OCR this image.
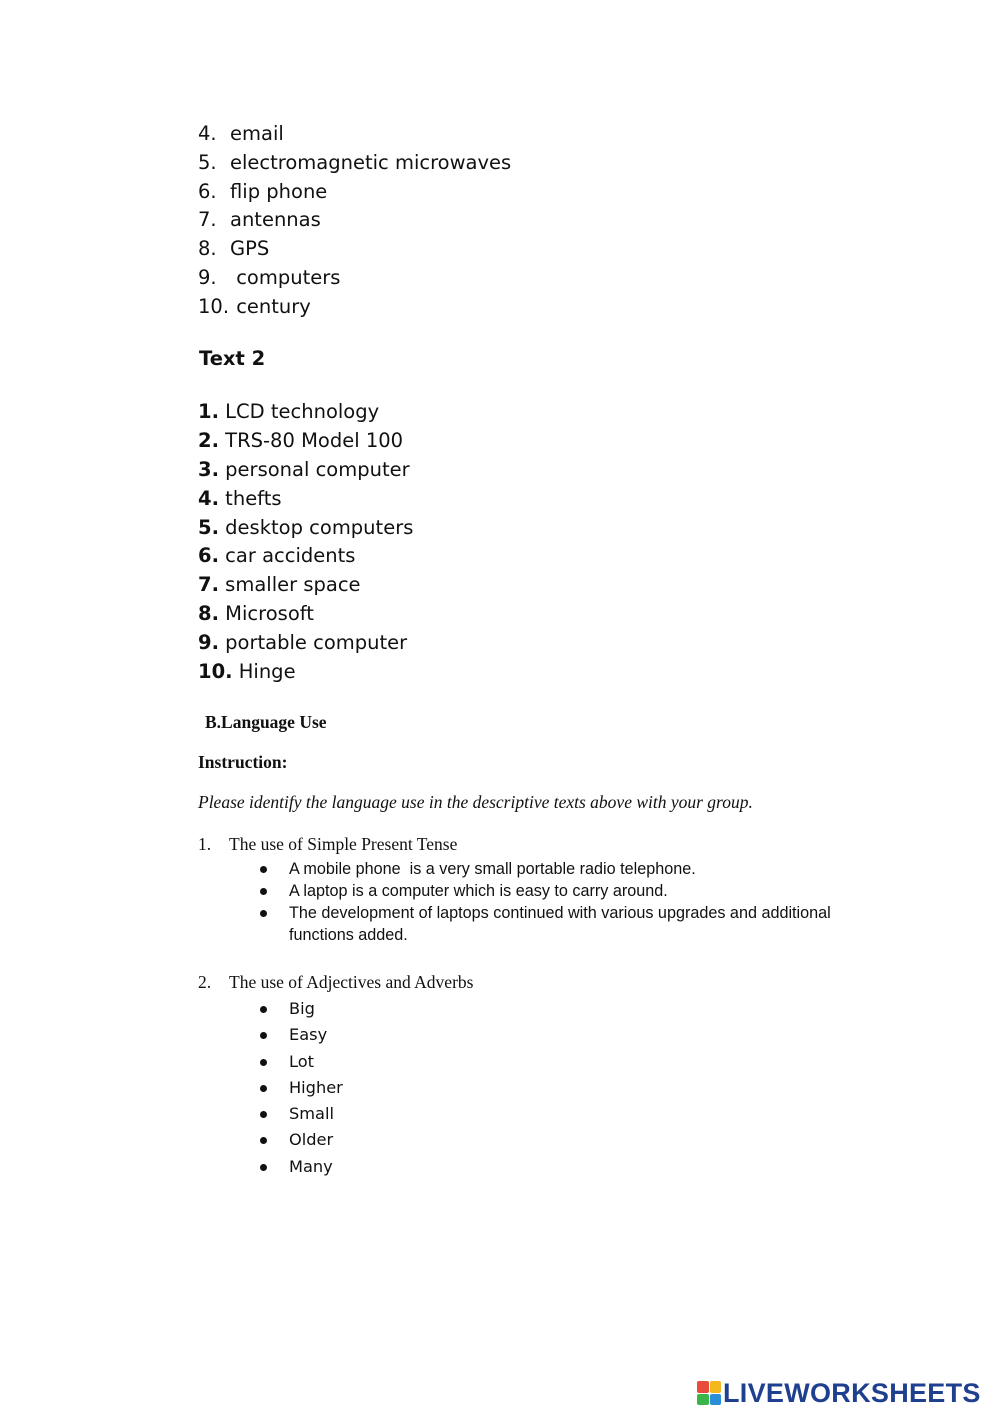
4. email
5. electromagnetic microwaves
6. flip phone
7. antennas
8. GPS
9. computers
10. century
Text 2
1. LCD technology
2. TRS-80 Model 100
3. personal computer
4. thefts
5. desktop computers
6. car accidents
7. smaller space
8. Microsoft
9. portable computer
10. Hinge
B.Language Use
Instruction:
Please identify the language use in the descriptive texts above with your group.
1. The use of Simple Present Tense
A mobile phone  is a very small portable radio telephone.
A laptop is a computer which is easy to carry around.
The development of laptops continued with various upgrades and additional functions added.
2. The use of Adjectives and Adverbs
Big
Easy
Lot
Higher
Small
Older
Many
LIVEWORKSHEETS
